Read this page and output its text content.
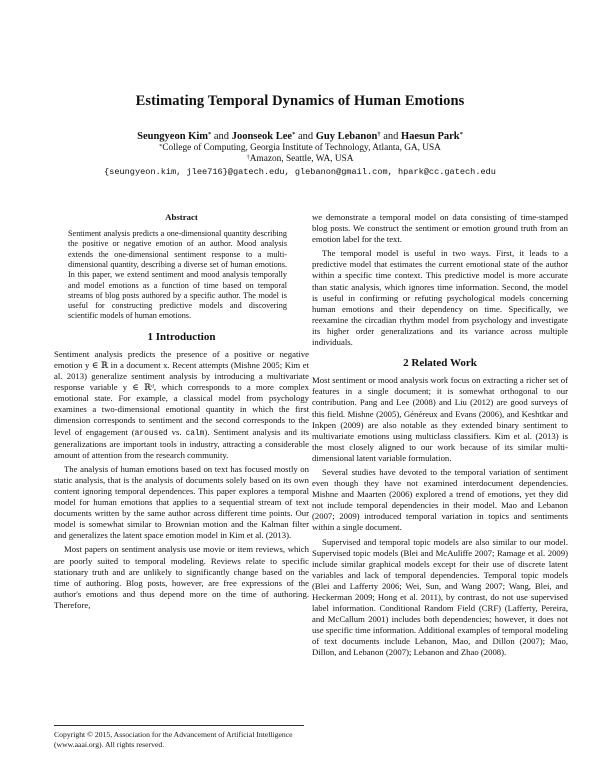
Estimating Temporal Dynamics of Human Emotions
Seungyeon Kim* and Joonseok Lee* and Guy Lebanon† and Haesun Park*
*College of Computing, Georgia Institute of Technology, Atlanta, GA, USA
†Amazon, Seattle, WA, USA
{seungyeon.kim, jlee716}@gatech.edu, glebanon@gmail.com, hpark@cc.gatech.edu
Abstract
Sentiment analysis predicts a one-dimensional quantity describing the positive or negative emotion of an author. Mood analysis extends the one-dimensional sentiment response to a multi-dimensional quantity, describing a diverse set of human emotions. In this paper, we extend sentiment and mood analysis temporally and model emotions as a function of time based on temporal streams of blog posts authored by a specific author. The model is useful for constructing predictive models and discovering scientific models of human emotions.
1 Introduction

Sentiment analysis predicts the presence of a positive or negative emotion y ∈ ℝ in a document x. Recent attempts (Mishne 2005; Kim et al. 2013) generalize sentiment analysis by introducing a multivariate response variable y ∈ ℝᵈ, which corresponds to a more complex emotional state. For example, a classical model from psychology examines a two-dimensional emotional quantity in which the first dimension corresponds to sentiment and the second corresponds to the level of engagement (aroused vs. calm). Sentiment analysis and its generalizations are important tools in industry, attracting a considerable amount of attention from the research community.

The analysis of human emotions based on text has focused mostly on static analysis, that is the analysis of documents solely based on its own content ignoring temporal dependences. This paper explores a temporal model for human emotions that applies to a sequential stream of text documents written by the same author across different time points. Our model is somewhat similar to Brownian motion and the Kalman filter and generalizes the latent space emotion model in Kim et al. (2013).

Most papers on sentiment analysis use movie or item reviews, which are poorly suited to temporal modeling. Reviews relate to specific stationary truth and are unlikely to significantly change based on the time of authoring. Blog posts, however, are free expressions of the author's emotions and thus depend more on the time of authoring. Therefore,

we demonstrate a temporal model on data consisting of time-stamped blog posts. We construct the sentiment or emotion ground truth from an emotion label for the text.

The temporal model is useful in two ways. First, it leads to a predictive model that estimates the current emotional state of the author within a specific time context. This predictive model is more accurate than static analysis, which ignores time information. Second, the model is useful in confirming or refuting psychological models concerning human emotions and their dependency on time. Specifically, we reexamine the circadian rhythm model from psychology and investigate its higher order generalizations and its variance across multiple individuals.

2 Related Work

Most sentiment or mood analysis work focus on extracting a richer set of features in a single document; it is somewhat orthogonal to our contribution. Pang and Lee (2008) and Liu (2012) are good surveys of this field. Mishne (2005), Généreux and Evans (2006), and Keshtkar and Inkpen (2009) are also notable as they extended binary sentiment to multivariate emotions using multiclass classifiers. Kim et al. (2013) is the most closely aligned to our work because of its similar multi-dimensional latent variable formulation.

Several studies have devoted to the temporal variation of sentiment even though they have not examined interdocument dependencies. Mishne and Maarten (2006) explored a trend of emotions, yet they did not include temporal dependencies in their model. Mao and Lebanon (2007; 2009) introduced temporal variation in topics and sentiments within a single document.

Supervised and temporal topic models are also similar to our model. Supervised topic models (Blei and McAuliffe 2007; Ramage et al. 2009) include similar graphical models except for their use of discrete latent variables and lack of temporal dependencies. Temporal topic models (Blei and Lafferty 2006; Wei, Sun, and Wang 2007; Wang, Blei, and Heckerman 2009; Hong et al. 2011), by contrast, do not use supervised label information. Conditional Random Field (CRF) (Lafferty, Pereira, and McCallum 2001) includes both dependencies; however, it does not use specific time information. Additional examples of temporal modeling of text documents include Lebanon, Mao, and Dillon (2007); Mao, Dillon, and Lebanon (2007); Lebanon and Zhao (2008).

Copyright © 2015, Association for the Advancement of Artificial Intelligence (www.aaai.org). All rights reserved.
